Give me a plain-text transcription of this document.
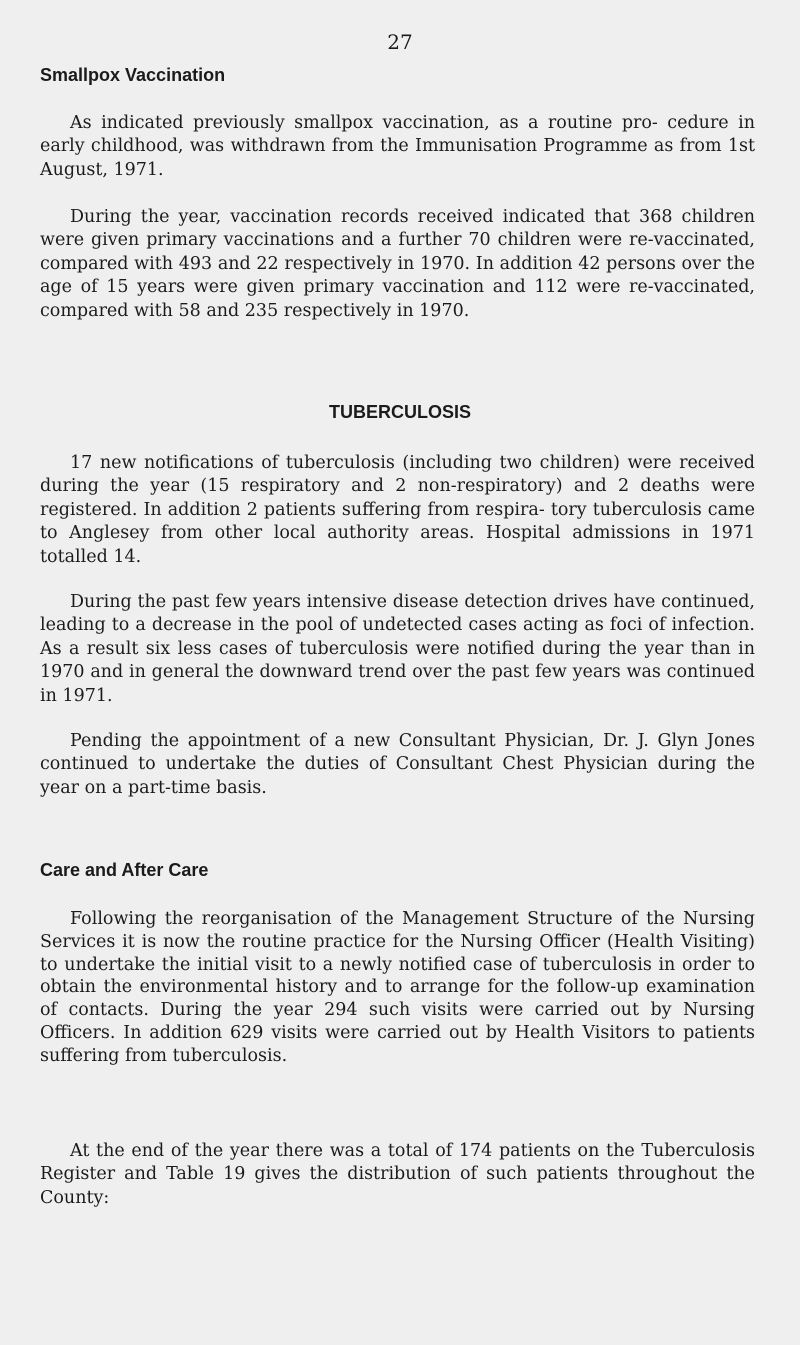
27
Smallpox Vaccination

As indicated previously smallpox vaccination, as a routine pro- cedure in early childhood, was withdrawn from the Immunisation Programme as from 1st August, 1971.

During the year, vaccination records received indicated that 368 children were given primary vaccinations and a further 70 children were re-vaccinated, compared with 493 and 22 respectively in 1970. In addition 42 persons over the age of 15 years were given primary vaccination and 112 were re-vaccinated, compared with 58 and 235 respectively in 1970.

TUBERCULOSIS

17 new notifications of tuberculosis (including two children) were received during the year (15 respiratory and 2 non-respiratory) and 2 deaths were registered. In addition 2 patients suffering from respira- tory tuberculosis came to Anglesey from other local authority areas. Hospital admissions in 1971 totalled 14.

During the past few years intensive disease detection drives have continued, leading to a decrease in the pool of undetected cases acting as foci of infection. As a result six less cases of tuberculosis were notified during the year than in 1970 and in general the downward trend over the past few years was continued in 1971.

Pending the appointment of a new Consultant Physician, Dr. J. Glyn Jones continued to undertake the duties of Consultant Chest Physician during the year on a part-time basis.

Care and After Care

Following the reorganisation of the Management Structure of the Nursing Services it is now the routine practice for the Nursing Officer (Health Visiting) to undertake the initial visit to a newly notified case of tuberculosis in order to obtain the environmental history and to arrange for the follow-up examination of contacts. During the year 294 such visits were carried out by Nursing Officers. In addition 629 visits were carried out by Health Visitors to patients suffering from tuberculosis.

At the end of the year there was a total of 174 patients on the Tuberculosis Register and Table 19 gives the distribution of such patients throughout the County:
